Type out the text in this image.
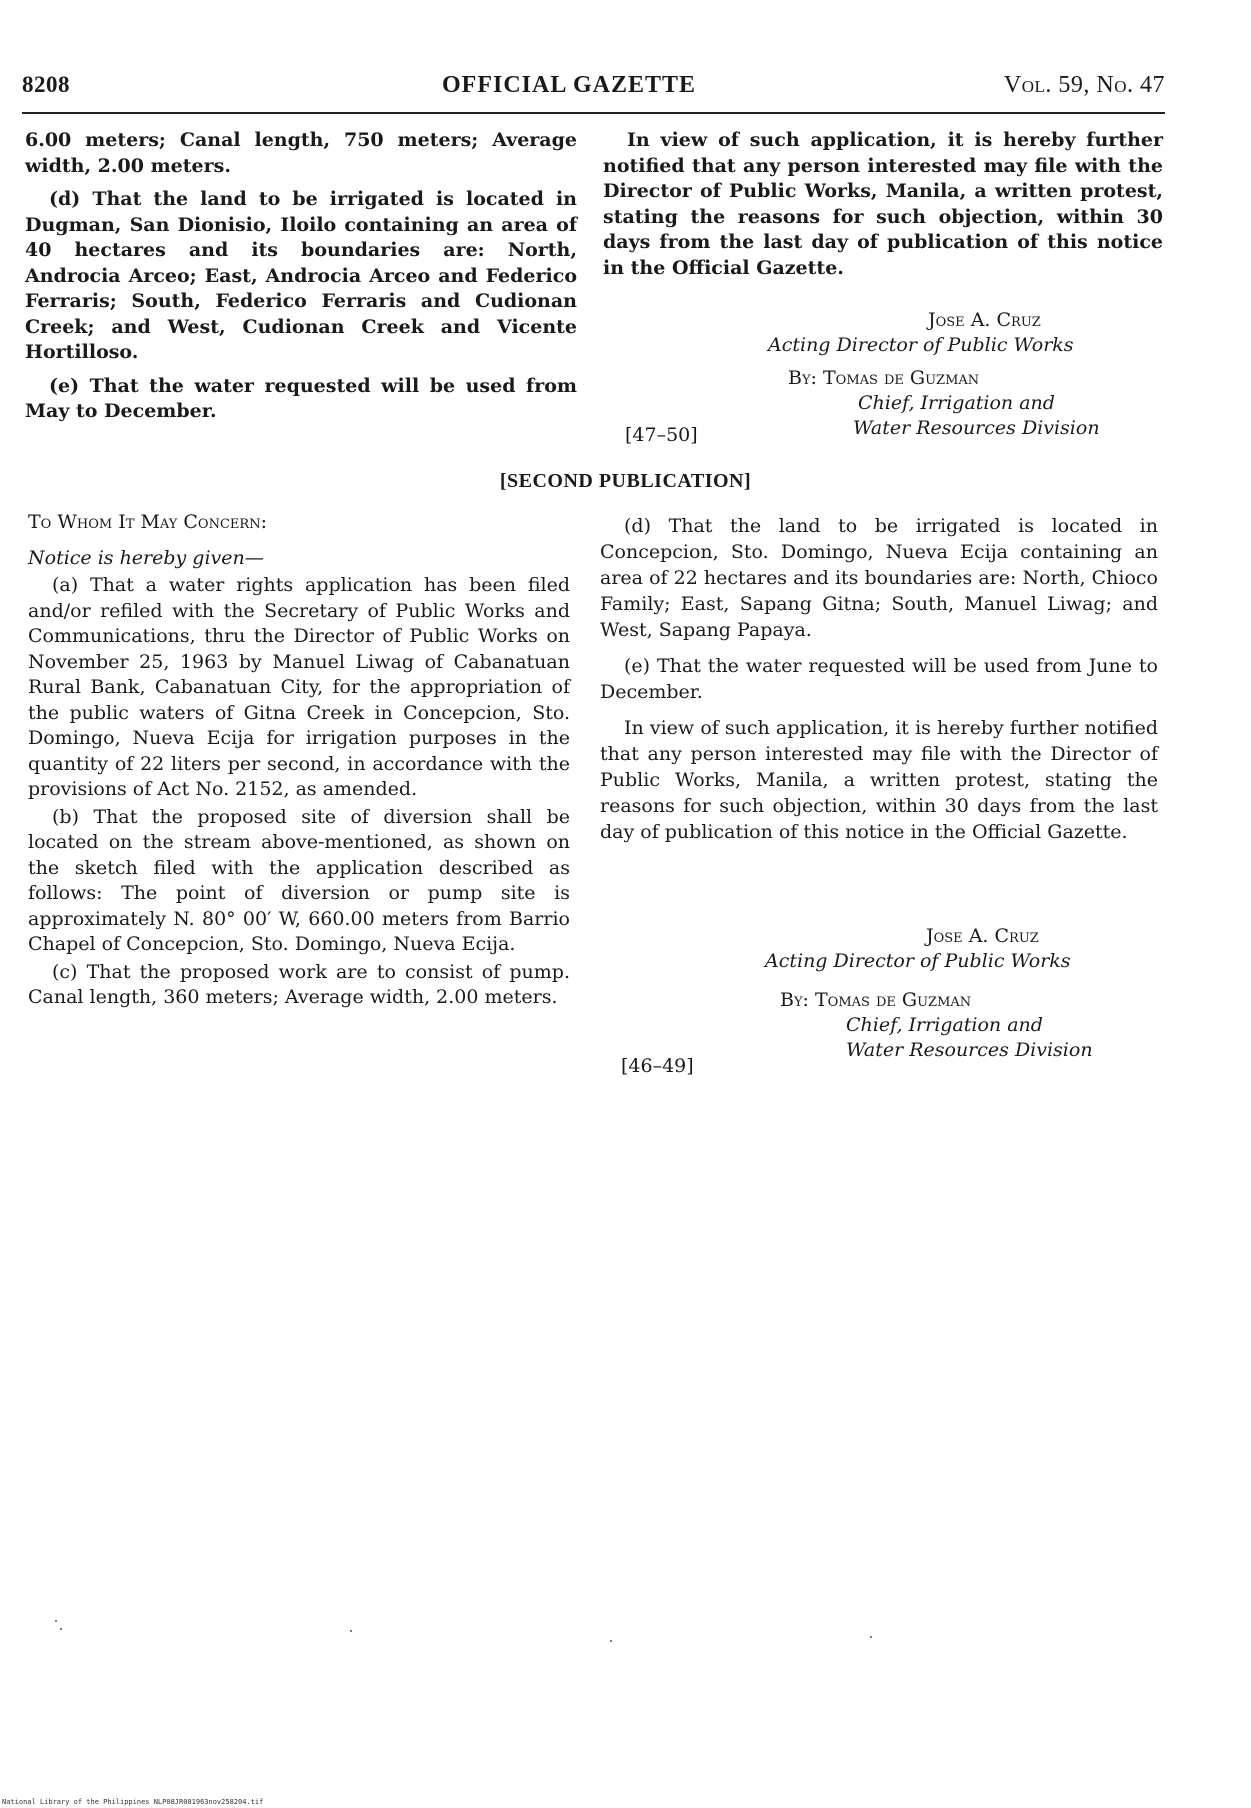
8208	OFFICIAL GAZETTE	Vol. 59, No. 47

6.00 meters; Canal length, 750 meters; Average width, 2.00 meters.

(d) That the land to be irrigated is located in Dugman, San Dionisio, Iloilo containing an area of 40 hectares and its boundaries are: North, Androcia Arceo; East, Androcia Arceo and Federico Ferraris; South, Federico Ferraris and Cudionan Creek; and West, Cudionan Creek and Vicente Hortilloso.

(e) That the water requested will be used from May to December.

In view of such application, it is hereby further notified that any person interested may file with the Director of Public Works, Manila, a written protest, stating the reasons for such objection, within 30 days from the last day of publication of this notice in the Official Gazette.

Jose A. Cruz
Acting Director of Public Works
By: Tomas de Guzman
Chief, Irrigation and
Water Resources Division
[47–50]
[SECOND PUBLICATION]

To Whom It May Concern:

Notice is hereby given—

(a) That a water rights application has been filed and/or refiled with the Secretary of Public Works and Communications, thru the Director of Public Works on November 25, 1963 by Manuel Liwag of Cabanatuan Rural Bank, Cabanatuan City, for the appropriation of the public waters of Gitna Creek in Concepcion, Sto. Domingo, Nueva Ecija for irrigation purposes in the quantity of 22 liters per second, in accordance with the provisions of Act No. 2152, as amended.

(b) That the proposed site of diversion shall be located on the stream above-mentioned, as shown on the sketch filed with the application described as follows: The point of diversion or pump site is approximately N. 80° 00′ W, 660.00 meters from Barrio Chapel of Concepcion, Sto. Domingo, Nueva Ecija.

(c) That the proposed work are to consist of pump. Canal length, 360 meters; Average width, 2.00 meters.

(d) That the land to be irrigated is located in Concepcion, Sto. Domingo, Nueva Ecija containing an area of 22 hectares and its boundaries are: North, Chioco Family; East, Sapang Gitna; South, Manuel Liwag; and West, Sapang Papaya.

(e) That the water requested will be used from June to December.

In view of such application, it is hereby further notified that any person interested may file with the Director of Public Works, Manila, a written protest, stating the reasons for such objection, within 30 days from the last day of publication of this notice in the Official Gazette.

Jose A. Cruz
Acting Director of Public Works
By: Tomas de Guzman
Chief, Irrigation and
Water Resources Division
[46–49]
National Library of the Philippines NLP08JR001963nov258204.tif
